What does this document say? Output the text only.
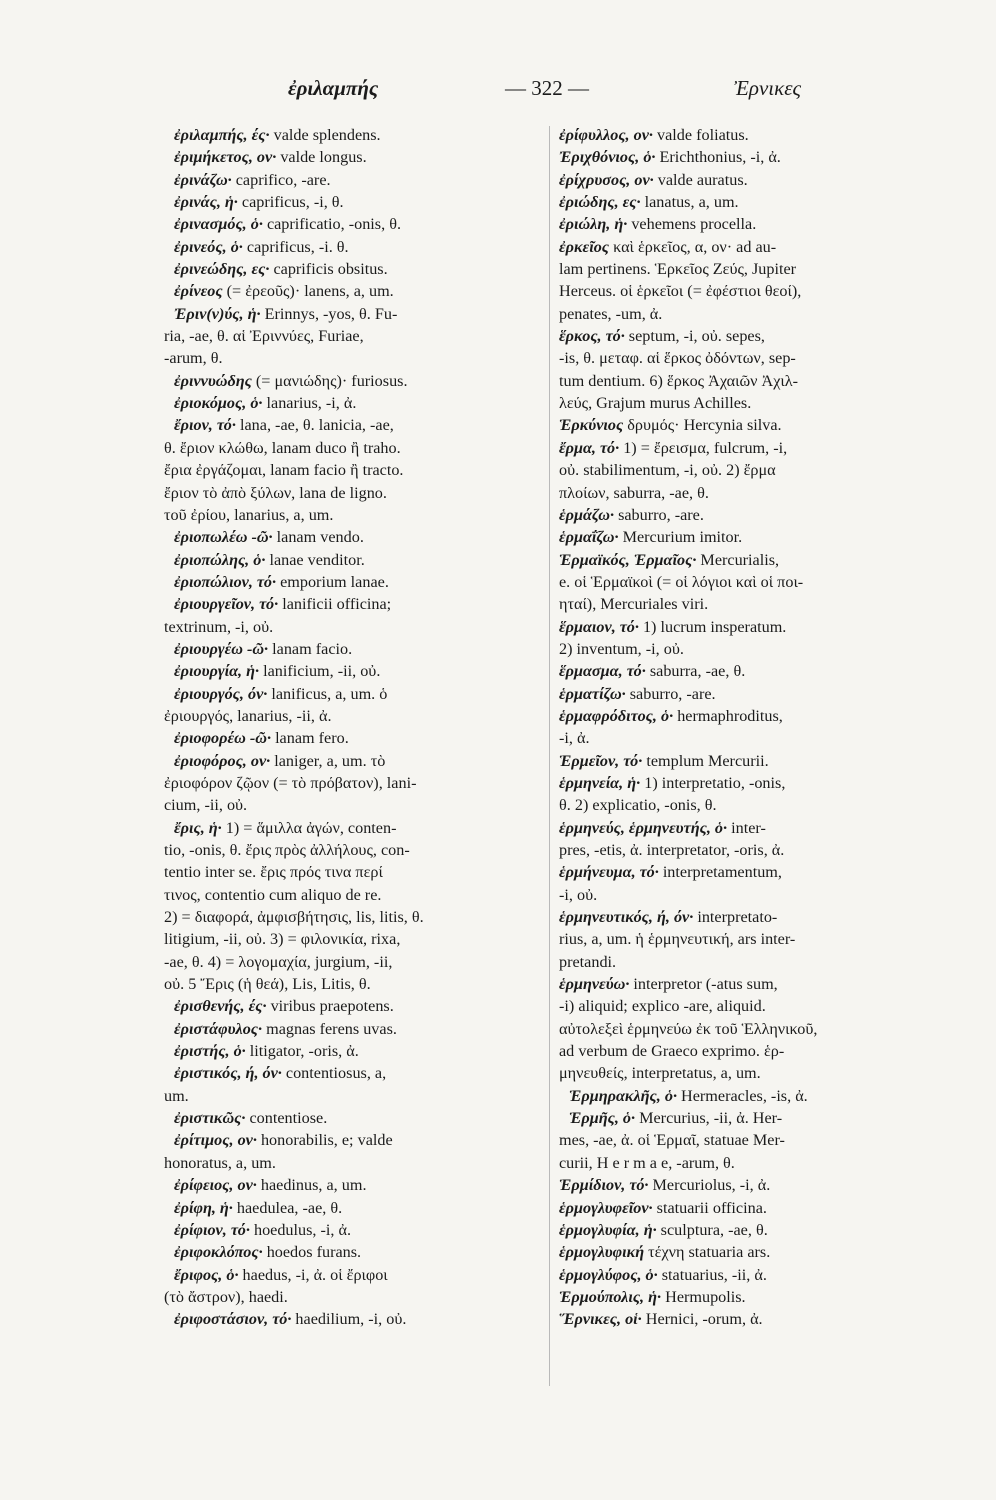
ἐριλαμπής	— 322 —	Ἐρνικες
ἐριλαμπής, ές· valde splendens.
ἐριμήκετος, ον· valde longus.
ἐρινάζω· caprifico, -are.
ἐρινάς, ἡ· caprificus, -i, θ.
ἐρινασμός, ὁ· caprificatio, -onis, θ.
ἐρινεός, ὁ· caprificus, -i. θ.
ἐρινεώδης, ες· caprificis obsitus.
ἐρίνεος (= ἐρεοῦς)· lanens, a, um.
Ἐριν(ν)ύς, ἡ· Erinnys, -yos, θ. Fu-
ria, -ae, θ. αἱ Ἐριννύες, Furiae,
-arum, θ.
ἐριννυώδης (= μανιώδης)· furiosus.
ἐριοκόμος, ὁ· lanarius, -i, ἀ.
ἔριον, τό· lana, -ae, θ. lanicia, -ae,
θ. ἔριον κλώθω, lanam duco ἢ traho.
ἔρια ἐργάζομαι, lanam facio ἢ tracto.
ἔριον τὸ ἀπὸ ξύλων, lana de ligno.
τοῦ ἐρίου, lanarius, a, um.
ἐριοπωλέω -ῶ· lanam vendo.
ἐριοπώλης, ὁ· lanae venditor.
ἐριοπώλιον, τό· emporium lanae.
ἐριουργεῖον, τό· lanificii officina;
textrinum, -i, οὐ.
ἐριουργέω -ῶ· lanam facio.
ἐριουργία, ἡ· lanificium, -ii, οὐ.
ἐριουργός, όν· lanificus, a, um. ὁ
ἐριουργός, lanarius, -ii, ἀ.
ἐριοφορέω -ῶ· lanam fero.
ἐριοφόρος, ον· laniger, a, um. τὸ
ἐριοφόρον ζῷον (= τὸ πρόβατον), lani-
cium, -ii, οὐ.
ἔρις, ἡ· 1) = ἅμιλλα ἀγών, conten-
tio, -onis, θ. ἔρις πρὸς ἀλλήλους, con-
tentio inter se. ἔρις πρός τινα περί
τινος, contentio cum aliquo de re.
2) = διαφορά, ἀμφισβήτησις, lis, litis, θ.
litigium, -ii, οὐ. 3) = φιλονικία, rixa,
-ae, θ. 4) = λογομαχία, jurgium, -ii,
οὐ. 5 Ἔρις (ἡ θεά), Lis, Litis, θ.
ἐρισθενής, ές· viribus praepotens.
ἐριστάφυλος· magnas ferens uvas.
ἐριστής, ὁ· litigator, -oris, ἀ.
ἐριστικός, ή, όν· contentiosus, a,
um.
ἐριστικῶς· contentiose.
ἐρίτιμος, ον· honorabilis, e; valde
honoratus, a, um.
ἐρίφειος, ον· haedinus, a, um.
ἐρίφη, ἡ· haedulea, -ae, θ.
ἐρίφιον, τό· hoedulus, -i, ἀ.
ἐριφοκλόπος· hoedos furans.
ἔριφος, ὁ· haedus, -i, ἀ. οἱ ἔριφοι
(τὸ ἄστρον), haedi.
ἐριφοστάσιον, τό· haedilium, -i, οὐ.
ἐρίφυλλος, ον· valde foliatus.
Ἐριχθόνιος, ὁ· Erichthonius, -i, ἀ.
ἐρίχρυσος, ον· valde auratus.
ἐριώδης, ες· lanatus, a, um.
ἐριώλη, ἡ· vehemens procella.
ἐρκεῖος καὶ ἑρκεῖος, α, ον· ad au-
lam pertinens. Ἑρκεῖος Ζεύς, Jupiter
Herceus. οἱ ἑρκεῖοι (= ἐφέστιοι θεοί),
penates, -um, ἀ.
ἕρκος, τό· septum, -i, οὐ. sepes,
-is, θ. μεταφ. αἱ ἕρκος ὀδόντων, sep-
tum dentium. 6) ἕρκος Ἀχαιῶν Ἀχιλ-
λεύς, Grajum murus Achilles.
Ἑρκύνιος δρυμός· Hercynia silva.
ἔρμα, τό· 1) = ἔρεισμα, fulcrum, -i,
οὐ. stabilimentum, -i, οὐ. 2) ἔρμα
πλοίων, saburra, -ae, θ.
ἑρμάζω· saburro, -are.
ἑρμαΐζω· Mercurium imitor.
Ἑρμαϊκός, Ἑρμαῖος· Mercurialis,
e. οἱ Ἑρμαϊκοὶ (= οἱ λόγιοι καὶ οἱ ποι-
ηταί), Mercuriales viri.
ἕρμαιον, τό· 1) lucrum insperatum.
2) inventum, -i, οὐ.
ἕρμασμα, τό· saburra, -ae, θ.
ἑρματίζω· saburro, -are.
ἑρμαφρόδιτος, ὁ· hermaphroditus,
-i, ἀ.
Ἑρμεῖον, τό· templum Mercurii.
ἑρμηνεία, ἡ· 1) interpretatio, -onis,
θ. 2) explicatio, -onis, θ.
ἑρμηνεύς, ἑρμηνευτής, ὁ· inter-
pres, -etis, ἀ. interpretator, -oris, ἀ.
ἑρμήνευμα, τό· interpretamentum,
-i, οὐ.
ἑρμηνευτικός, ή, όν· interpretato-
rius, a, um. ἡ ἑρμηνευτική, ars inter-
pretandi.
ἑρμηνεύω· interpretor (-atus sum,
-i) aliquid; explico -are, aliquid.
αὐτολεξεὶ ἑρμηνεύω ἐκ τοῦ Ἑλληνικοῦ,
ad verbum de Graeco exprimo. ἑρ-
μηνευθείς, interpretatus, a, um.
Ἑρμηρακλῆς, ὁ· Hermeracles, -is, ἀ.
Ἑρμῆς, ὁ· Mercurius, -ii, ἀ. Her-
mes, -ae, ἀ. οἱ Ἑρμαῖ, statuae Mer-
curii, H e r m a e, -arum, θ.
Ἑρμίδιον, τό· Mercuriolus, -i, ἀ.
ἑρμογλυφεῖον· statuarii officina.
ἑρμογλυφία, ἡ· sculptura, -ae, θ.
ἑρμογλυφική τέχνη statuaria ars.
ἑρμογλύφος, ὁ· statuarius, -ii, ἀ.
Ἑρμούπολις, ἡ· Hermupolis.
Ἕρνικες, οἱ· Hernici, -orum, ἀ.
